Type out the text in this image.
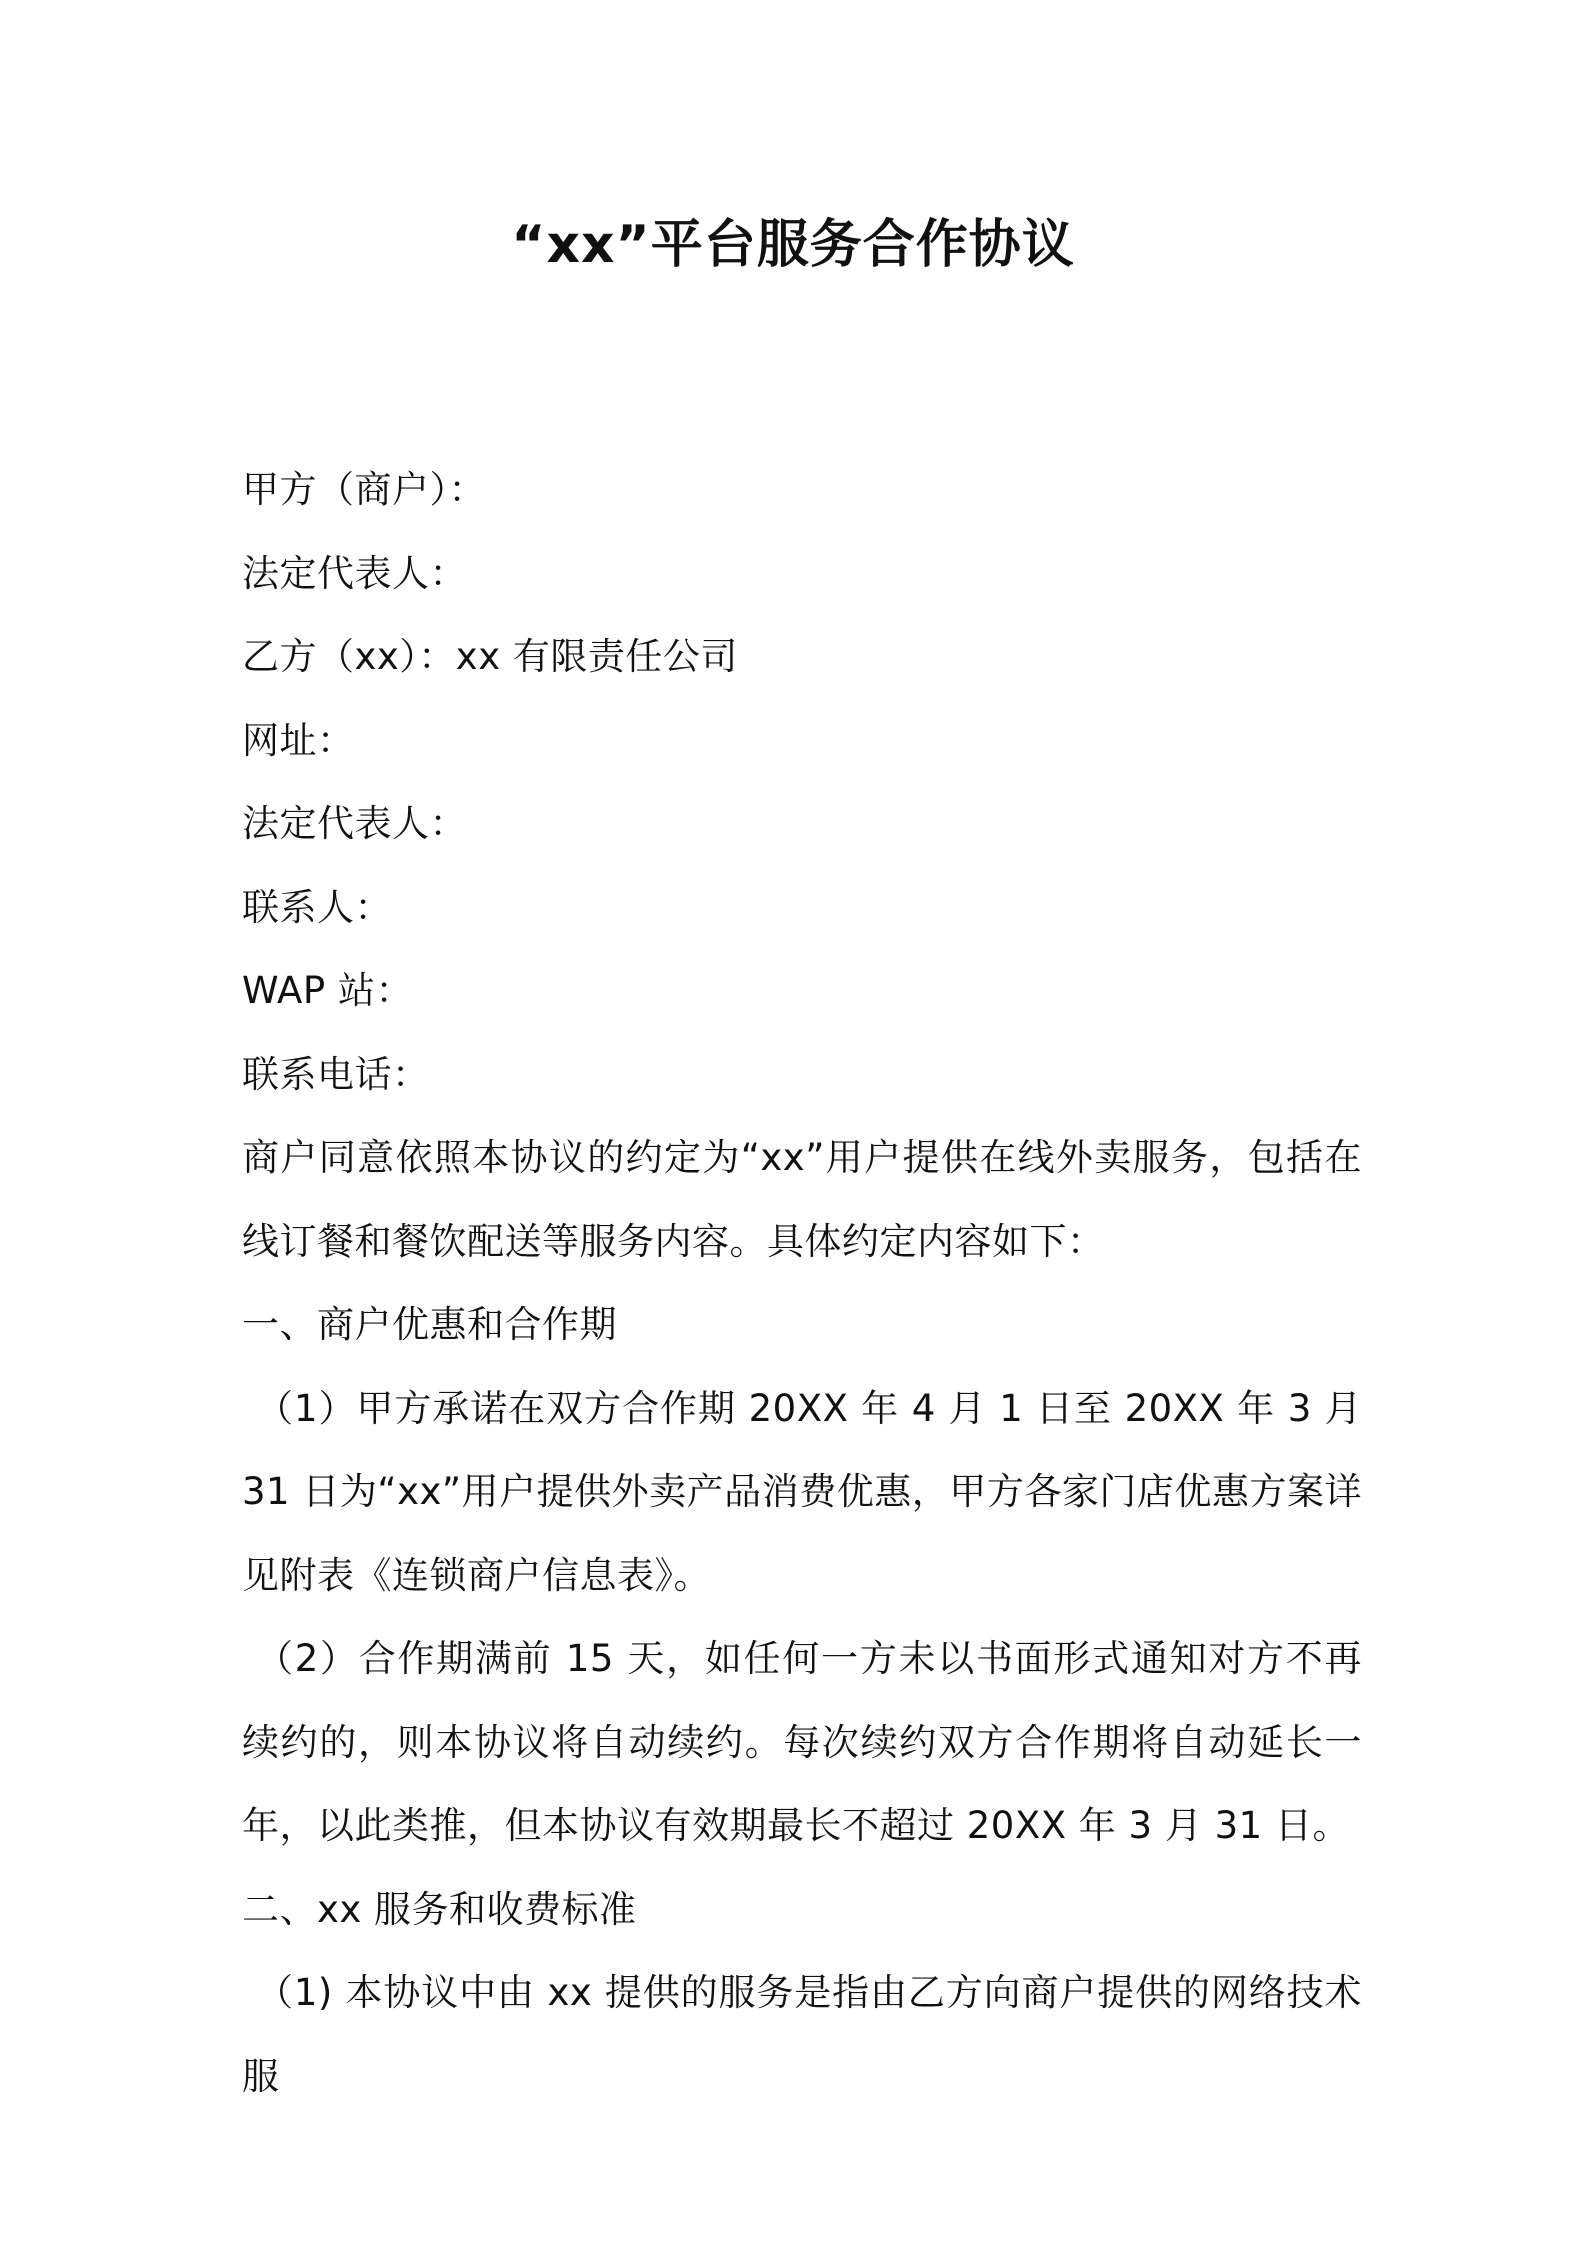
“xx”平台服务合作协议

甲方（商户）：

法定代表人：

乙方（xx）：xx 有限责任公司

网址：

法定代表人：

联系人：

WAP 站：

联系电话：

商户同意依照本协议的约定为“xx”用户提供在线外卖服务，包括在线订餐和餐饮配送等服务内容。具体约定内容如下：

一、商户优惠和合作期

（1）甲方承诺在双方合作期 20XX 年 4 月 1 日至 20XX 年 3 月 31 日为“xx”用户提供外卖产品消费优惠，甲方各家门店优惠方案详见附表《连锁商户信息表》。

（2）合作期满前 15 天，如任何一方未以书面形式通知对方不再续约的，则本协议将自动续约。每次续约双方合作期将自动延长一年，以此类推，但本协议有效期最长不超过 20XX 年 3 月 31 日。

二、xx 服务和收费标准

（1) 本协议中由 xx 提供的服务是指由乙方向商户提供的网络技术服
